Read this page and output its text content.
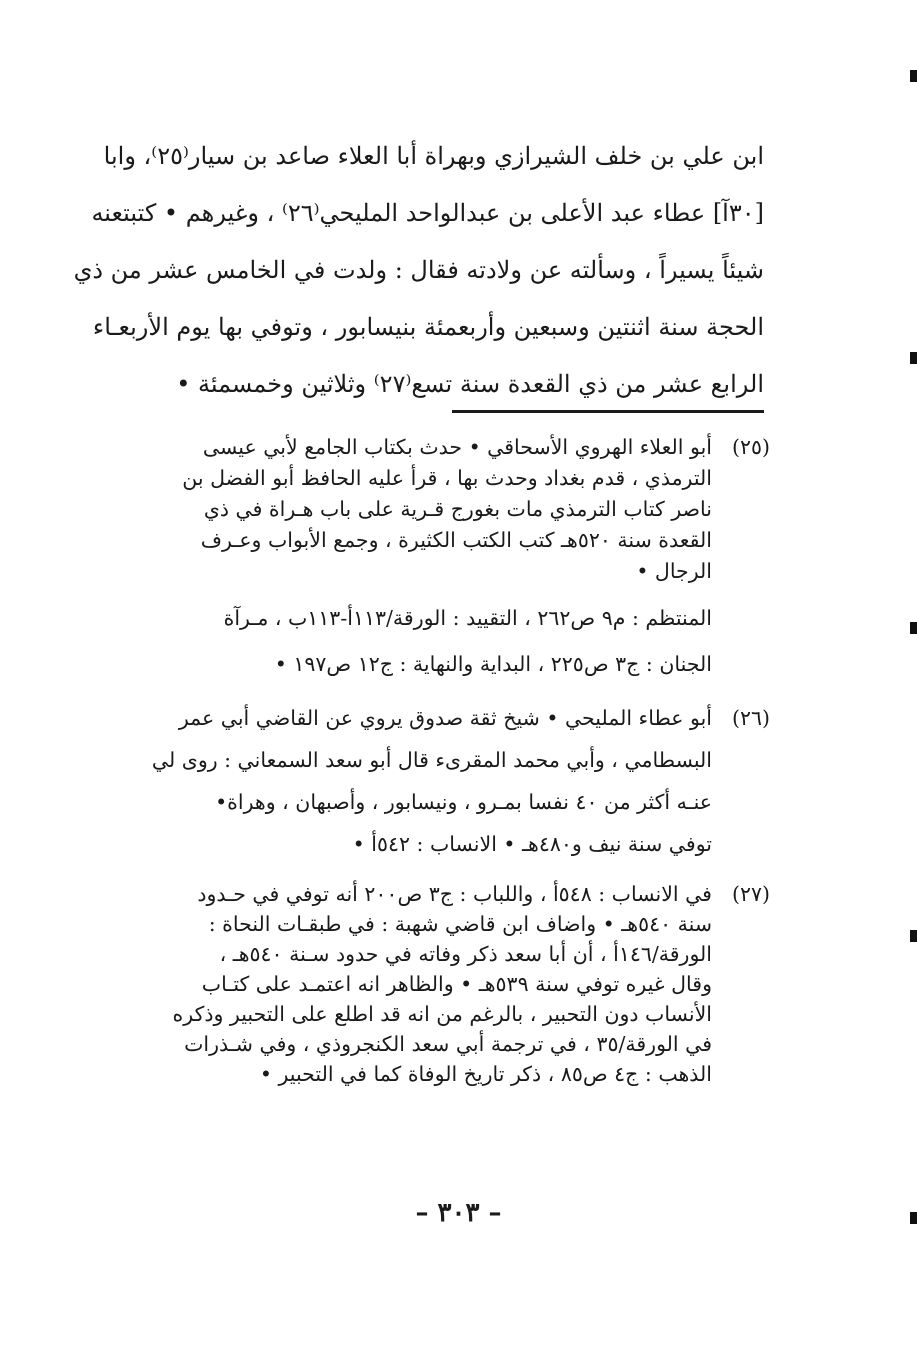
ابن علي بن خلف الشيرازي وبهراة أبا العلاء صاعد بن سيار⁽٢٥⁾، وابا
[٣٠آ] عطاء عبد الأعلى بن عبدالواحد المليحي⁽٢٦⁾ ، وغيرهم • كتبتعنه
شيئاً يسيراً ، وسألته عن ولادته فقال : ولدت في الخامس عشر من ذي
الحجة سنة اثنتين وسبعين وأربعمئة بنيسابور ، وتوفي بها يوم الأربعـاء
الرابع عشر من ذي القعدة سنة تسع⁽٢٧⁾ وثلاثين وخمسمئة •
(٢٥)
أبو العلاء الهروي الأسحاقي • حدث بكتاب الجامع لأبي عيسى
الترمذي ، قدم بغداد وحدث بها ، قرأ عليه الحافظ أبو الفضل بن
ناصر كتاب الترمذي مات بغورج قـرية على باب هـراة في ذي
القعدة سنة ٥٢٠هـ كتب الكتب الكثيرة ، وجمع الأبواب وعـرف
الرجال •
المنتظم : م٩ ص٢٦٢ ، التقييد : الورقة/١١٣أ-١١٣ب ، مـرآة
الجنان : ج٣ ص٢٢٥ ، البداية والنهاية : ج١٢ ص١٩٧ •
(٢٦)
أبو عطاء المليحي • شيخ ثقة صدوق يروي عن القاضي أبي عمر
البسطامي ، وأبي محمد المقرىء قال أبو سعد السمعاني : روى لي
عنـه أكثر من ٤٠ نفسا بمـرو ، ونيسابور ، وأصبهان ، وهراة•
توفي سنة نيف و٤٨٠هـ • الانساب : ٥٤٢أ •
(٢٧)
في الانساب : ٥٤٨أ ، واللباب : ج٣ ص٢٠٠ أنه توفي في حـدود
سنة ٥٤٠هـ • واضاف ابن قاضي شهبة : في طبقـات النحاة :
الورقة/١٤٦أ ، أن أبا سعد ذكر وفاته في حدود سـنة ٥٤٠هـ ،
وقال غيره توفي سنة ٥٣٩هـ • والظاهر انه اعتمـد على كتـاب
الأنساب دون التحبير ، بالرغم من انه قد اطلع على التحبير وذكره
في الورقة/٣٥ ، في ترجمة أبي سعد الكنجروذي ، وفي شـذرات
الذهب : ج٤ ص٨٥ ، ذكر تاريخ الوفاة كما في التحبير •
– ٣٠٣ –
